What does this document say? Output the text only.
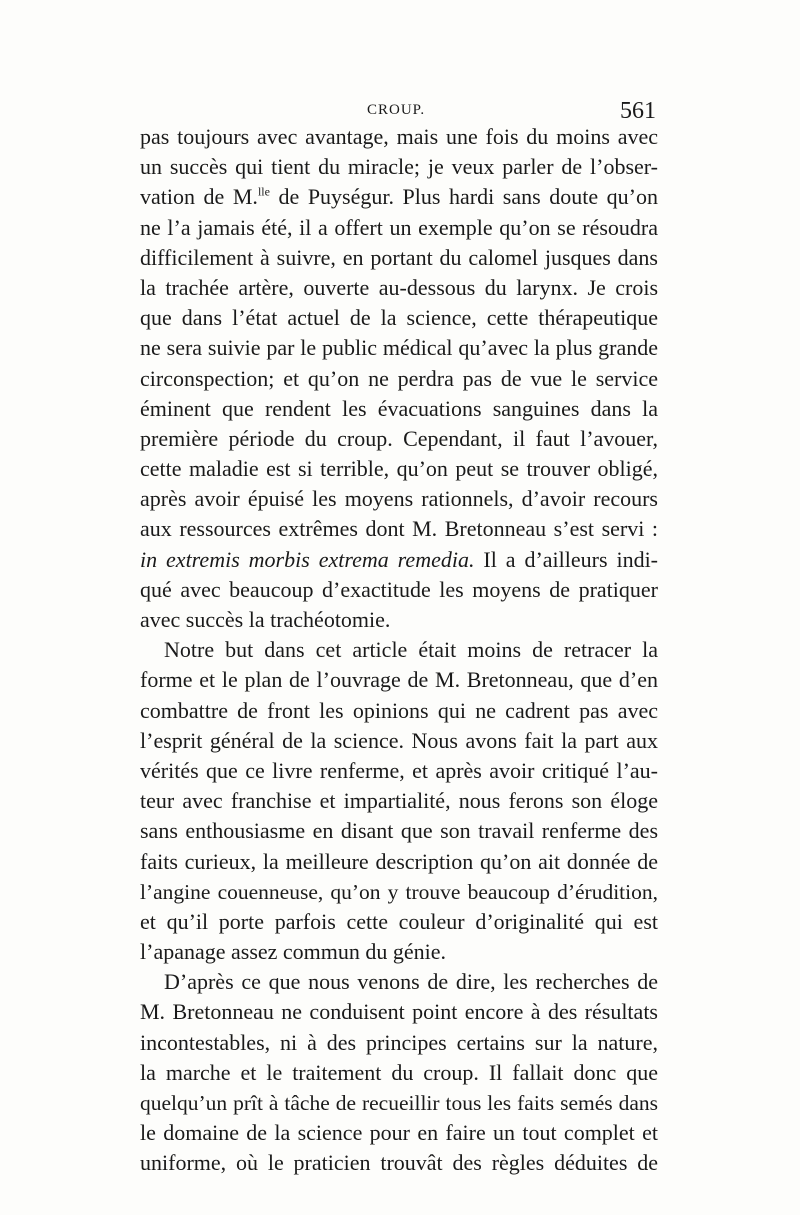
CROUP.	561
pas toujours avec avantage, mais une fois du moins avec
un succès qui tient du miracle; je veux parler de l’obser-
vation de M.$^{lle}$ de Puységur. Plus hardi sans doute qu’on
ne l’a jamais été, il a offert un exemple qu’on se résoudra
difficilement à suivre, en portant du calomel jusques dans
la trachée artère, ouverte au-dessous du larynx. Je crois
que dans l’état actuel de la science, cette thérapeutique
ne sera suivie par le public médical qu’avec la plus grande
circonspection; et qu’on ne perdra pas de vue le service
éminent que rendent les évacuations sanguines dans la
première période du croup. Cependant, il faut l’avouer,
cette maladie est si terrible, qu’on peut se trouver obligé,
après avoir épuisé les moyens rationnels, d’avoir recours
aux ressources extrêmes dont M. Bretonneau s’est servi :
in extremis morbis extrema remedia. Il a d’ailleurs indi-
qué avec beaucoup d’exactitude les moyens de pratiquer
avec succès la trachéotomie.
Notre but dans cet article était moins de retracer la
forme et le plan de l’ouvrage de M. Bretonneau, que d’en
combattre de front les opinions qui ne cadrent pas avec
l’esprit général de la science. Nous avons fait la part aux
vérités que ce livre renferme, et après avoir critiqué l’au-
teur avec franchise et impartialité, nous ferons son éloge
sans enthousiasme en disant que son travail renferme des
faits curieux, la meilleure description qu’on ait donnée de
l’angine couenneuse, qu’on y trouve beaucoup d’érudition,
et qu’il porte parfois cette couleur d’originalité qui est
l’apanage assez commun du génie.
D’après ce que nous venons de dire, les recherches de
M. Bretonneau ne conduisent point encore à des résultats
incontestables, ni à des principes certains sur la nature,
la marche et le traitement du croup. Il fallait donc que
quelqu’un prît à tâche de recueillir tous les faits semés dans
le domaine de la science pour en faire un tout complet et
uniforme, où le praticien trouvât des règles déduites de
